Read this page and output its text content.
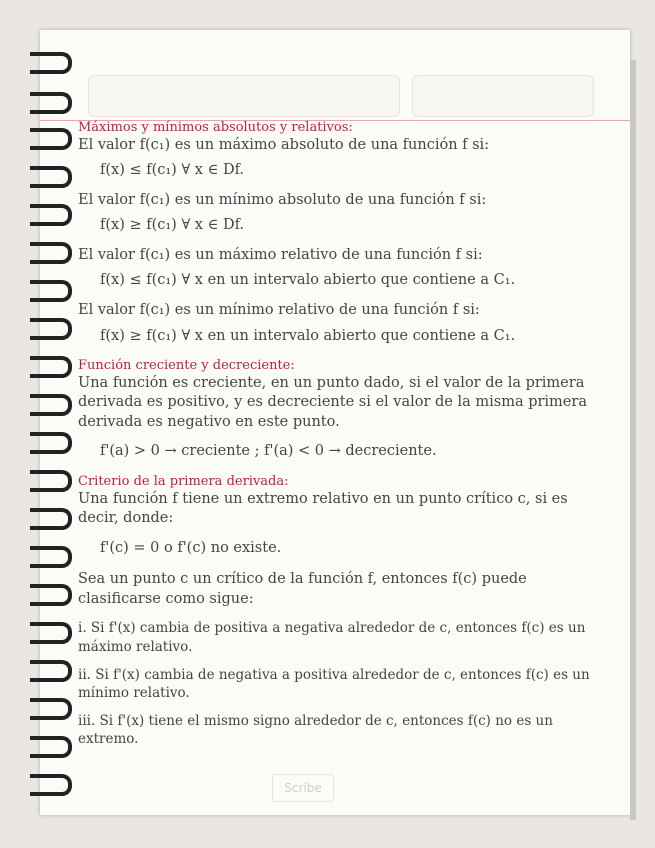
Máximos y mínimos absolutos y relativos:

El valor f(c₁) es un máximo absoluto de una función f si:

f(x) ≤ f(c₁) ∀ x ∈ Df.

El valor f(c₁) es un mínimo absoluto de una función f si:

f(x) ≥ f(c₁) ∀ x ∈ Df.

El valor f(c₁) es un máximo relativo de una función f si:

f(x) ≤ f(c₁) ∀ x en un intervalo abierto que contiene a C₁.

El valor f(c₁) es un mínimo relativo de una función f si:

f(x) ≥ f(c₁) ∀ x en un intervalo abierto que contiene a C₁.

Función creciente y decreciente:

Una función es creciente, en un punto dado, si el valor de la primera derivada es positivo, y es decreciente si el valor de la misma primera derivada es negativo en este punto.

f'(a) > 0 → creciente ; f'(a) < 0 → decreciente.

Criterio de la primera derivada:

Una función f tiene un extremo relativo en un punto crítico c, si es decir, donde:

f'(c) = 0 o f'(c) no existe.

Sea un punto c un crítico de la función f, entonces f(c) puede clasificarse como sigue:

i. Si f'(x) cambia de positiva a negativa alrededor de c, entonces f(c) es un máximo relativo.

ii. Si f'(x) cambia de negativa a positiva alrededor de c, entonces f(c) es un mínimo relativo.

iii. Si f'(x) tiene el mismo signo alrededor de c, entonces f(c) no es un extremo.

Scribe
